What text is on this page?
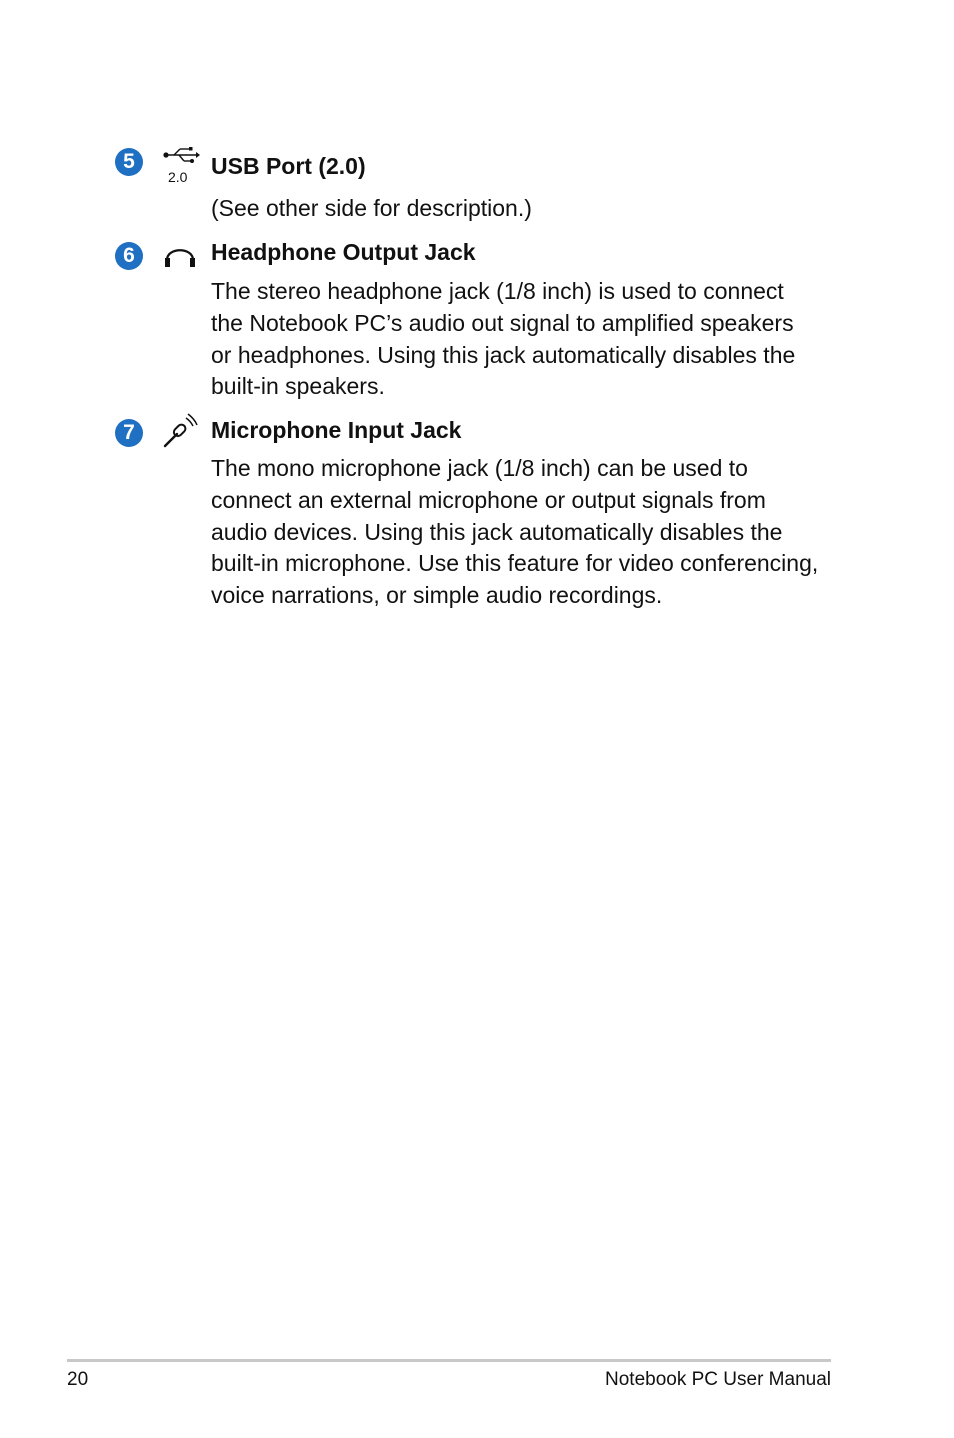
5
2.0 USB Port (2.0)
(See other side for description.)
6	Headphone Output Jack
The stereo headphone jack (1/8 inch) is used to connect
the Notebook PC’s audio out signal to amplified speakers
or headphones. Using this jack automatically disables the
built-in speakers.
7	Microphone Input Jack
The mono microphone jack (1/8 inch) can be used to
connect an external microphone or output signals from
audio devices. Using this jack automatically disables the
built-in microphone. Use this feature for video conferencing,
voice narrations, or simple audio recordings.
20	Notebook PC User Manual
